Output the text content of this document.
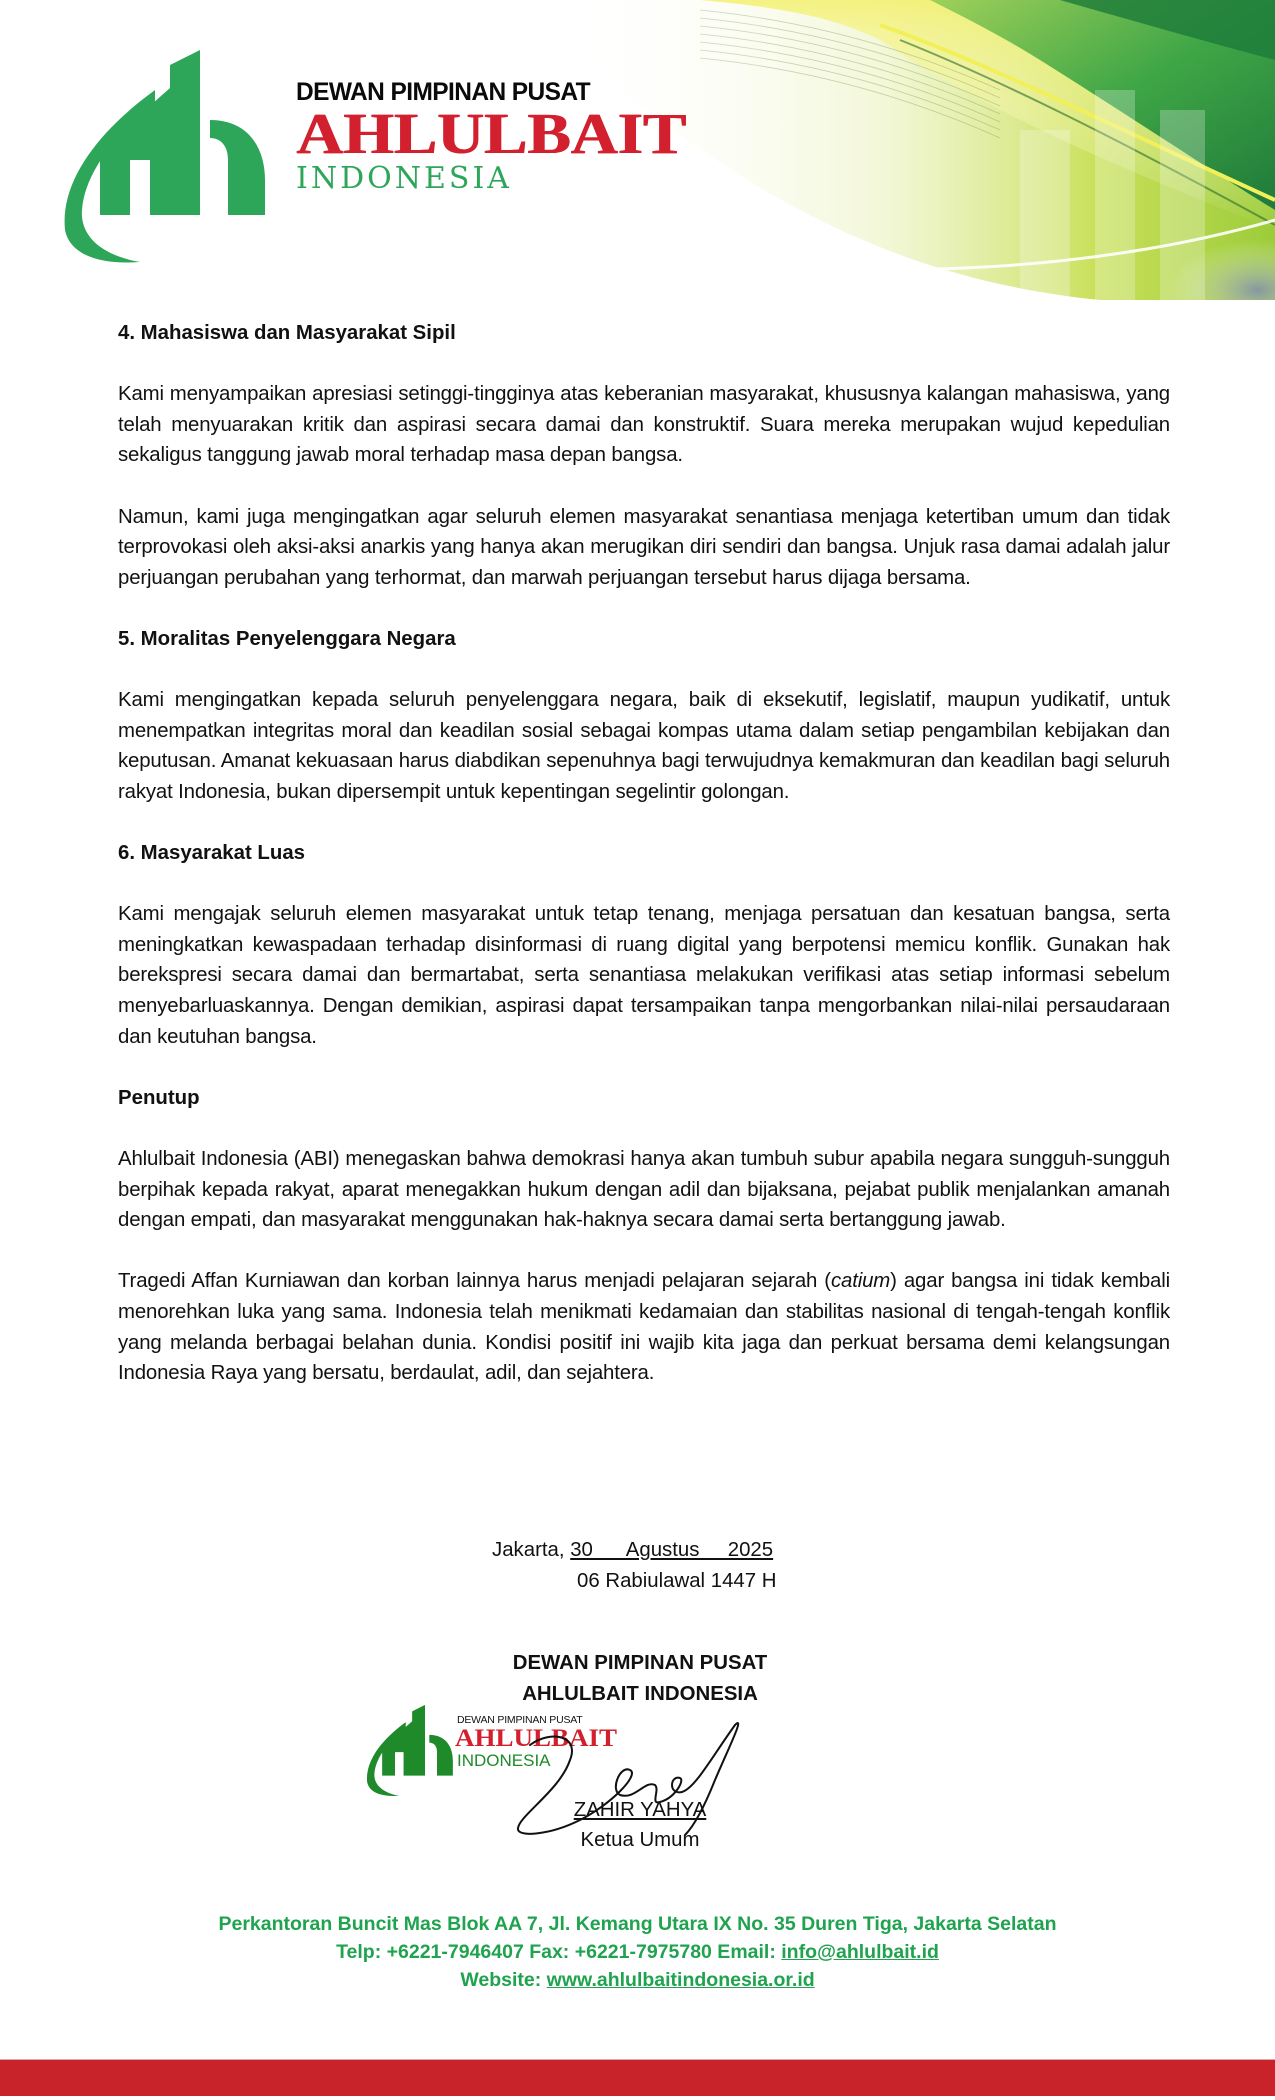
DEWAN PIMPINAN PUSAT
AHLULBAIT
INDONESIA
4. Mahasiswa dan Masyarakat Sipil

Kami menyampaikan apresiasi setinggi-tingginya atas keberanian masyarakat, khususnya kalangan mahasiswa, yang telah menyuarakan kritik dan aspirasi secara damai dan konstruktif. Suara mereka merupakan wujud kepedulian sekaligus tanggung jawab moral terhadap masa depan bangsa.

Namun, kami juga mengingatkan agar seluruh elemen masyarakat senantiasa menjaga ketertiban umum dan tidak terprovokasi oleh aksi-aksi anarkis yang hanya akan merugikan diri sendiri dan bangsa. Unjuk rasa damai adalah jalur perjuangan perubahan yang terhormat, dan marwah perjuangan tersebut harus dijaga bersama.

5. Moralitas Penyelenggara Negara

Kami mengingatkan kepada seluruh penyelenggara negara, baik di eksekutif, legislatif, maupun yudikatif, untuk menempatkan integritas moral dan keadilan sosial sebagai kompas utama dalam setiap pengambilan kebijakan dan keputusan. Amanat kekuasaan harus diabdikan sepenuhnya bagi terwujudnya kemakmuran dan keadilan bagi seluruh rakyat Indonesia, bukan dipersempit untuk kepentingan segelintir golongan.

6. Masyarakat Luas

Kami mengajak seluruh elemen masyarakat untuk tetap tenang, menjaga persatuan dan kesatuan bangsa, serta meningkatkan kewaspadaan terhadap disinformasi di ruang digital yang berpotensi memicu konflik. Gunakan hak berekspresi secara damai dan bermartabat, serta senantiasa melakukan verifikasi atas setiap informasi sebelum menyebarluaskannya. Dengan demikian, aspirasi dapat tersampaikan tanpa mengorbankan nilai-nilai persaudaraan dan keutuhan bangsa.

Penutup

Ahlulbait Indonesia (ABI) menegaskan bahwa demokrasi hanya akan tumbuh subur apabila negara sungguh-sungguh berpihak kepada rakyat, aparat menegakkan hukum dengan adil dan bijaksana, pejabat publik menjalankan amanah dengan empati, dan masyarakat menggunakan hak-haknya secara damai serta bertanggung jawab.

Tragedi Affan Kurniawan dan korban lainnya harus menjadi pelajaran sejarah (catium) agar bangsa ini tidak kembali menorehkan luka yang sama. Indonesia telah menikmati kedamaian dan stabilitas nasional di tengah-tengah konflik yang melanda berbagai belahan dunia. Kondisi positif ini wajib kita jaga dan perkuat bersama demi kelangsungan Indonesia Raya yang bersatu, berdaulat, adil, dan sejahtera.

Jakarta, 30      Agustus     2025
06 Rabiulawal 1447 H
DEWAN PIMPINAN PUSAT
AHLULBAIT INDONESIA
DEWAN PIMPINAN PUSAT
AHLULBAIT
INDONESIA
ZAHIR YAHYA
Ketua Umum
Perkantoran Buncit Mas Blok AA 7, Jl. Kemang Utara IX No. 35 Duren Tiga, Jakarta Selatan
Telp: +6221-7946407 Fax: +6221-7975780 Email: info@ahlulbait.id
Website: www.ahlulbaitindonesia.or.id
